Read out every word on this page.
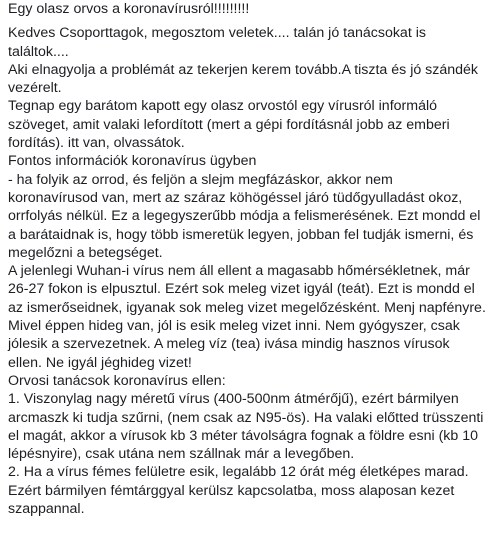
Egy olasz orvos a koronavírusról!!!!!!!!!
Kedves Csoporttagok, megosztom veletek.... talán jó tanácsokat is
találtok....
Aki elnagyolja a problémát az tekerjen kerem tovább.A tiszta és jó szándék
vezérelt.
Tegnap egy barátom kapott egy olasz orvostól egy vírusról informáló
szöveget, amit valaki lefordított (mert a gépi fordításnál jobb az emberi
fordítás). itt van, olvassátok.
Fontos információk koronavírus ügyben
- ha folyik az orrod, és feljön a slejm megfázáskor, akkor nem
koronavírusod van, mert az száraz köhögéssel járó tüdőgyulladást okoz,
orrfolyás nélkül. Ez a legegyszerűbb módja a felismerésének. Ezt mondd el
a barátaidnak is, hogy több ismeretük legyen, jobban fel tudják ismerni, és
megelőzni a betegséget.
A jelenlegi Wuhan-i vírus nem áll ellent a magasabb hőmérsékletnek, már
26-27 fokon is elpusztul. Ezért sok meleg vizet igyál (teát). Ezt is mondd el
az ismerőseidnek, igyanak sok meleg vizet megelőzésként. Menj napfényre.
Mivel éppen hideg van, jól is esik meleg vizet inni. Nem gyógyszer, csak
jólesik a szervezetnek. A meleg víz (tea) ivása mindig hasznos vírusok
ellen. Ne igyál jéghideg vizet!
Orvosi tanácsok koronavírus ellen:
1. Viszonylag nagy méretű vírus (400-500nm átmérőjű), ezért bármilyen
arcmaszk ki tudja szűrni, (nem csak az N95-ös). Ha valaki előtted trüsszenti
el magát, akkor a vírusok kb 3 méter távolságra fognak a földre esni (kb 10
lépésnyire), csak utána nem szállnak már a levegőben.
2. Ha a vírus fémes felületre esik, legalább 12 órát még életképes marad.
Ezért bármilyen fémtárggyal kerülsz kapcsolatba, moss alaposan kezet
szappannal.
